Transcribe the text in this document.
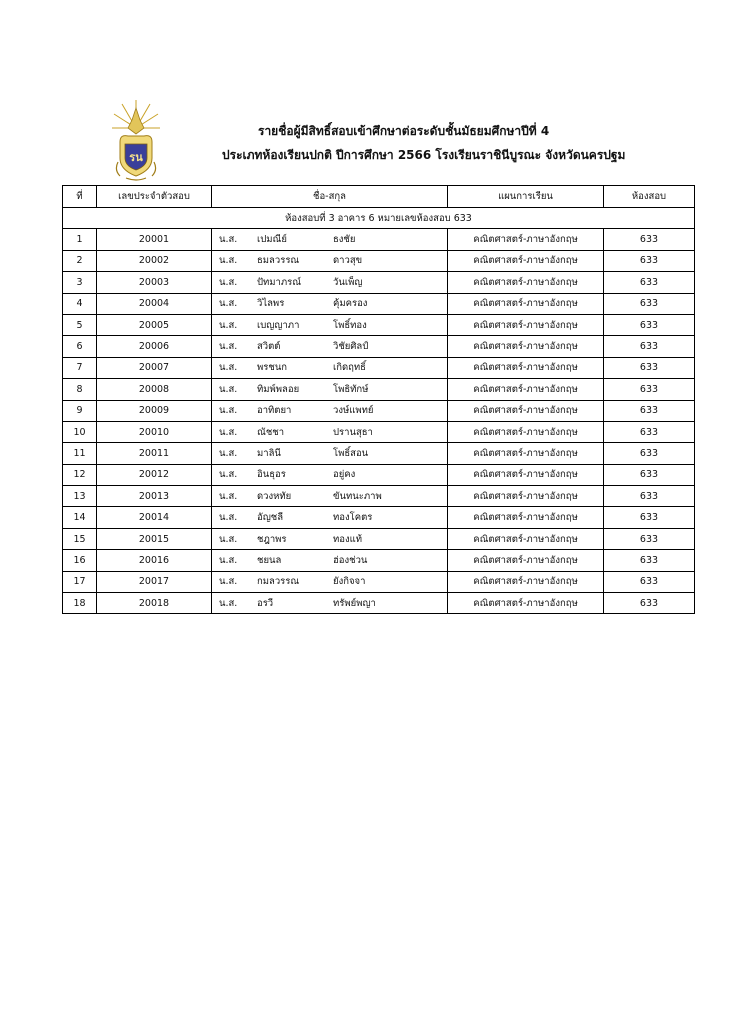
รน
รายชื่อผู้มีสิทธิ์สอบเข้าศึกษาต่อระดับชั้นมัธยมศึกษาปีที่ 4
ประเภทห้องเรียนปกติ ปีการศึกษา 2566 โรงเรียนราชินีบูรณะ จังหวัดนครปฐม
ที่	เลขประจำตัวสอบ	ชื่อ-สกุล	แผนการเรียน	ห้องสอบ
ห้องสอบที่ 3 อาคาร 6 หมายเลขห้องสอบ 633				
1	20001	น.ส. เปมณีย์ ธงชัย	คณิตศาสตร์-ภาษาอังกฤษ	633
2	20002	น.ส. ธมลวรรณ ดาวสุข	คณิตศาสตร์-ภาษาอังกฤษ	633
3	20003	น.ส. ปัทมาภรณ์ วันเพ็ญ	คณิตศาสตร์-ภาษาอังกฤษ	633
4	20004	น.ส. วิไลพร คุ้มครอง	คณิตศาสตร์-ภาษาอังกฤษ	633
5	20005	น.ส. เบญญาภา โพธิ์ทอง	คณิตศาสตร์-ภาษาอังกฤษ	633
6	20006	น.ส. สวิตต์ วิชัยศิลป์	คณิตศาสตร์-ภาษาอังกฤษ	633
7	20007	น.ส. พรชนก เกิดฤทธิ์	คณิตศาสตร์-ภาษาอังกฤษ	633
8	20008	น.ส. ทิมพ์พลอย โพธิทักษ์	คณิตศาสตร์-ภาษาอังกฤษ	633
9	20009	น.ส. อาทิตยา วงษ์แพทย์	คณิตศาสตร์-ภาษาอังกฤษ	633
10	20010	น.ส. ณัชชา ปรานสุธา	คณิตศาสตร์-ภาษาอังกฤษ	633
11	20011	น.ส. มาลินี โพธิ์สอน	คณิตศาสตร์-ภาษาอังกฤษ	633
12	20012	น.ส. อินธุอร อยู่คง	คณิตศาสตร์-ภาษาอังกฤษ	633
13	20013	น.ส. ดวงหทัย ขันทนะภาพ	คณิตศาสตร์-ภาษาอังกฤษ	633
14	20014	น.ส. อัญชลี ทองโคตร	คณิตศาสตร์-ภาษาอังกฤษ	633
15	20015	น.ส. ชฎาพร ทองแท้	คณิตศาสตร์-ภาษาอังกฤษ	633
16	20016	น.ส. ชยนล ฮ่องช่วน	คณิตศาสตร์-ภาษาอังกฤษ	633
17	20017	น.ส. กมลวรรณ ยังกิจจา	คณิตศาสตร์-ภาษาอังกฤษ	633
18	20018	น.ส. อรวี ทรัพย์พญา	คณิตศาสตร์-ภาษาอังกฤษ	633
